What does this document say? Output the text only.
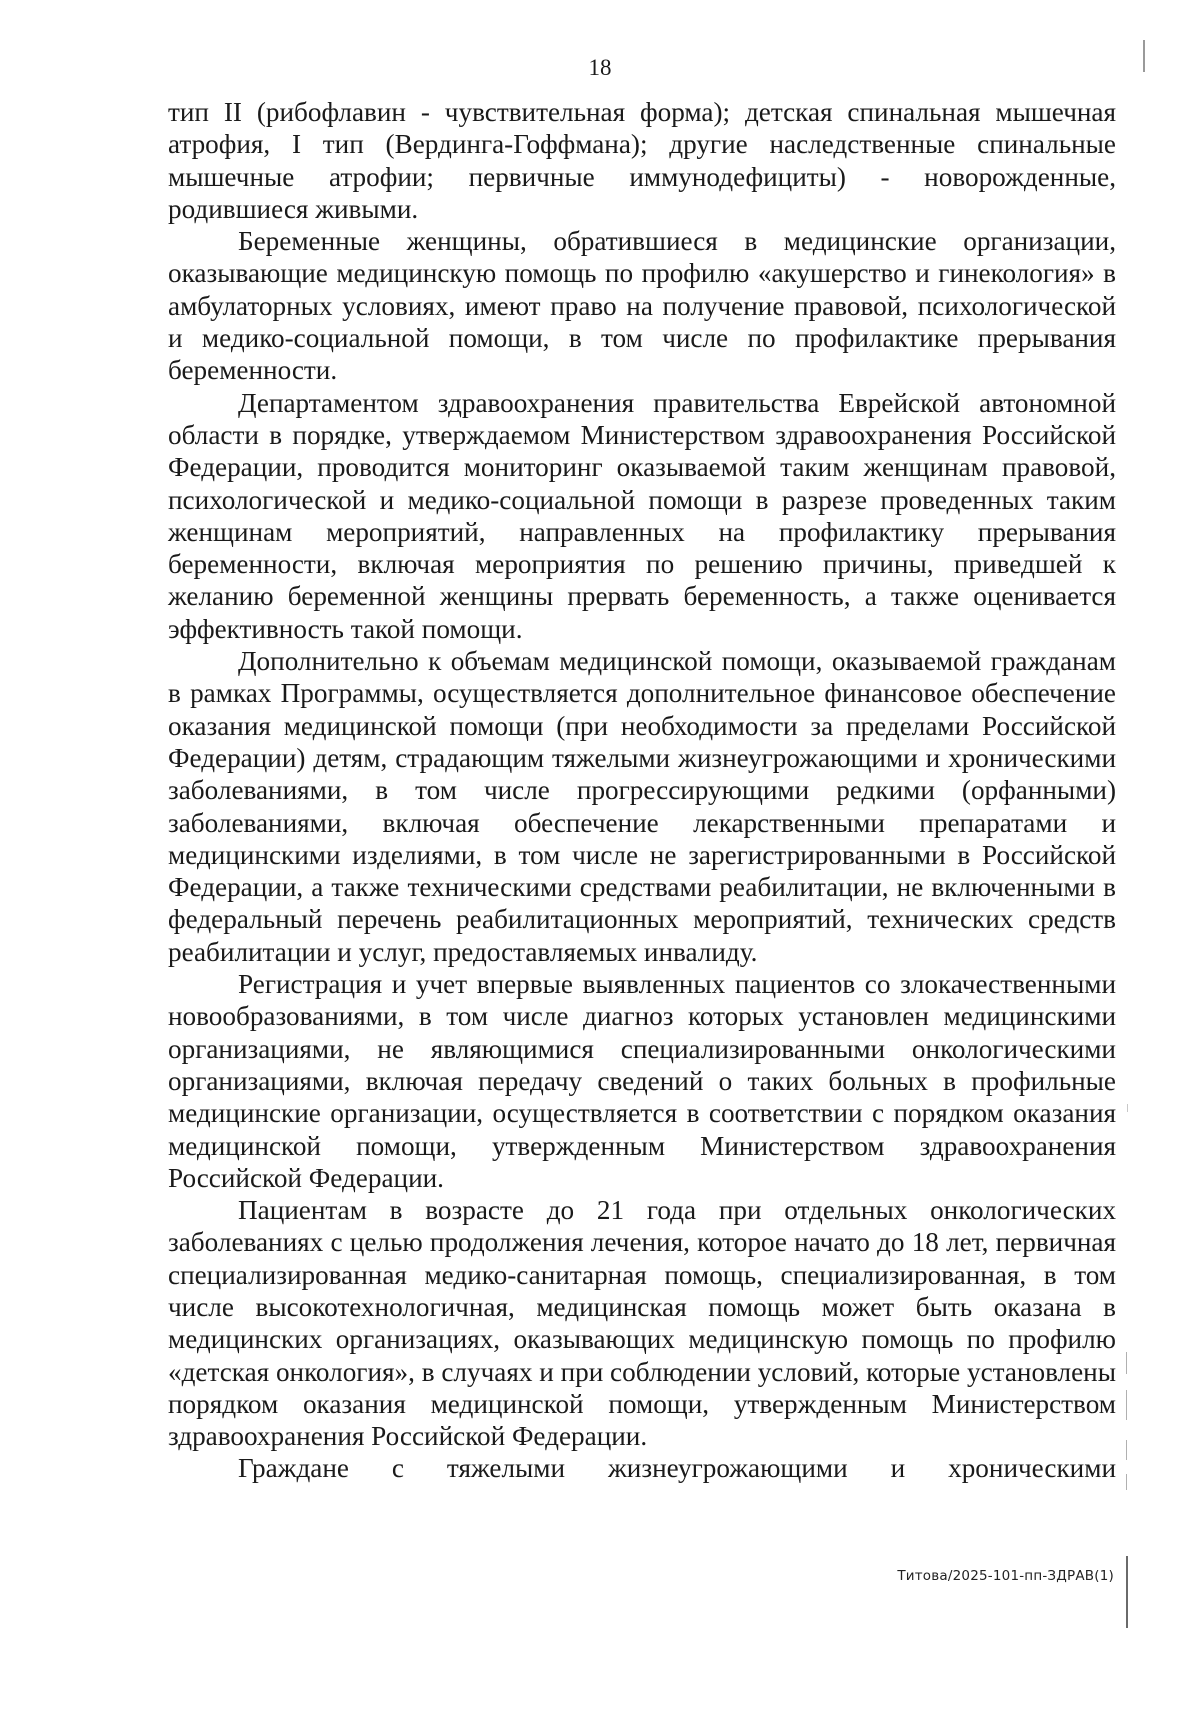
18

тип II (рибофлавин - чувствительная форма); детская спинальная мышечная атрофия, I тип (Вердинга-Гоффмана); другие наследственные спинальные мышечные атрофии; первичные иммунодефициты) - новорожденные, родившиеся живыми.

Беременные женщины, обратившиеся в медицинские организации, оказывающие медицинскую помощь по профилю «акушерство и гинекология» в амбулаторных условиях, имеют право на получение правовой, психологической и медико-социальной помощи, в том числе по профилактике прерывания беременности.

Департаментом здравоохранения правительства Еврейской автономной области в порядке, утверждаемом Министерством здравоохранения Российской Федерации, проводится мониторинг оказываемой таким женщинам правовой, психологической и медико-социальной помощи в разрезе проведенных таким женщинам мероприятий, направленных на профилактику прерывания беременности, включая мероприятия по решению причины, приведшей к желанию беременной женщины прервать беременность, а также оценивается эффективность такой помощи.

Дополнительно к объемам медицинской помощи, оказываемой гражданам в рамках Программы, осуществляется дополнительное финансовое обеспечение оказания медицинской помощи (при необходимости за пределами Российской Федерации) детям, страдающим тяжелыми жизнеугрожающими и хроническими заболеваниями, в том числе прогрессирующими редкими (орфанными) заболеваниями, включая обеспечение лекарственными препаратами и медицинскими изделиями, в том числе не зарегистрированными в Российской Федерации, а также техническими средствами реабилитации, не включенными в федеральный перечень реабилитационных мероприятий, технических средств реабилитации и услуг, предоставляемых инвалиду.

Регистрация и учет впервые выявленных пациентов со злокачественными новообразованиями, в том числе диагноз которых установлен медицинскими организациями, не являющимися специализированными онкологическими организациями, включая передачу сведений о таких больных в профильные медицинские организации, осуществляется в соответствии с порядком оказания медицинской помощи, утвержденным Министерством здравоохранения Российской Федерации.

Пациентам в возрасте до 21 года при отдельных онкологических заболеваниях с целью продолжения лечения, которое начато до 18 лет, первичная специализированная медико-санитарная помощь, специализированная, в том числе высокотехнологичная, медицинская помощь может быть оказана в медицинских организациях, оказывающих медицинскую помощь по профилю «детская онкология», в случаях и при соблюдении условий, которые установлены порядком оказания медицинской помощи, утвержденным Министерством здравоохранения Российской Федерации.

Граждане с тяжелыми жизнеугрожающими и хроническими

Титова/2025-101-пп-ЗДРАВ(1)
